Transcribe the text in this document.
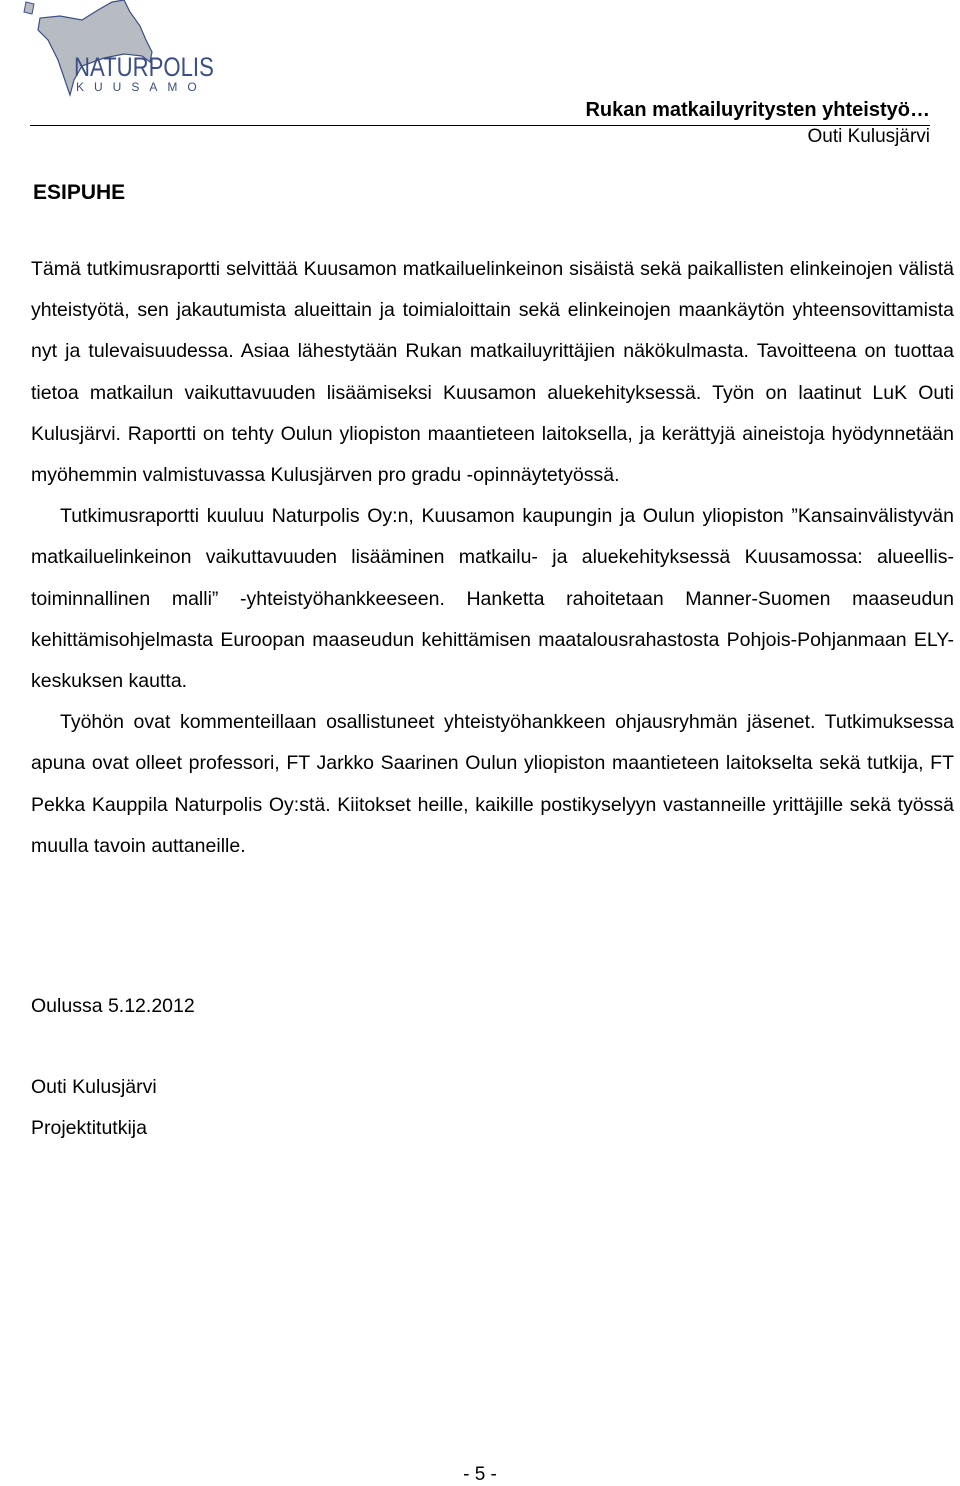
NATURPOLIS
KUUSAMO
Rukan matkailuyritysten yhteistyö…
Outi Kulusjärvi
ESIPUHE

Tämä tutkimusraportti selvittää Kuusamon matkailuelinkeinon sisäistä sekä paikallisten elinkeinojen välistä yhteistyötä, sen jakautumista alueittain ja toimialoittain sekä elinkeinojen maankäytön yhteensovittamista nyt ja tulevaisuudessa. Asiaa lähestytään Rukan matkailuyrittäjien näkökulmasta. Tavoitteena on tuottaa tietoa matkailun vaikuttavuuden lisäämiseksi Kuusamon aluekehityksessä. Työn on laatinut LuK Outi Kulusjärvi. Raportti on tehty Oulun yliopiston maantieteen laitoksella, ja kerättyjä aineistoja hyödynnetään myöhemmin valmistuvassa Kulusjärven pro gradu -opinnäytetyössä.

Tutkimusraportti kuuluu Naturpolis Oy:n, Kuusamon kaupungin ja Oulun yliopiston ”Kansainvälistyvän matkailuelinkeinon vaikuttavuuden lisääminen matkailu- ja aluekehityksessä Kuusamossa: alueellis-toiminnallinen malli” -yhteistyöhankkeeseen. Hanketta rahoitetaan Manner-Suomen maaseudun kehittämisohjelmasta Euroopan maaseudun kehittämisen maatalousrahastosta Pohjois-Pohjanmaan ELY-keskuksen kautta.

Työhön ovat kommenteillaan osallistuneet yhteistyöhankkeen ohjausryhmän jäsenet. Tutkimuksessa apuna ovat olleet professori, FT Jarkko Saarinen Oulun yliopiston maantieteen laitokselta sekä tutkija, FT Pekka Kauppila Naturpolis Oy:stä. Kiitokset heille, kaikille postikyselyyn vastanneille yrittäjille sekä työssä muulla tavoin auttaneille.

Oulussa 5.12.2012
Outi Kulusjärvi
Projektitutkija
- 5 -
